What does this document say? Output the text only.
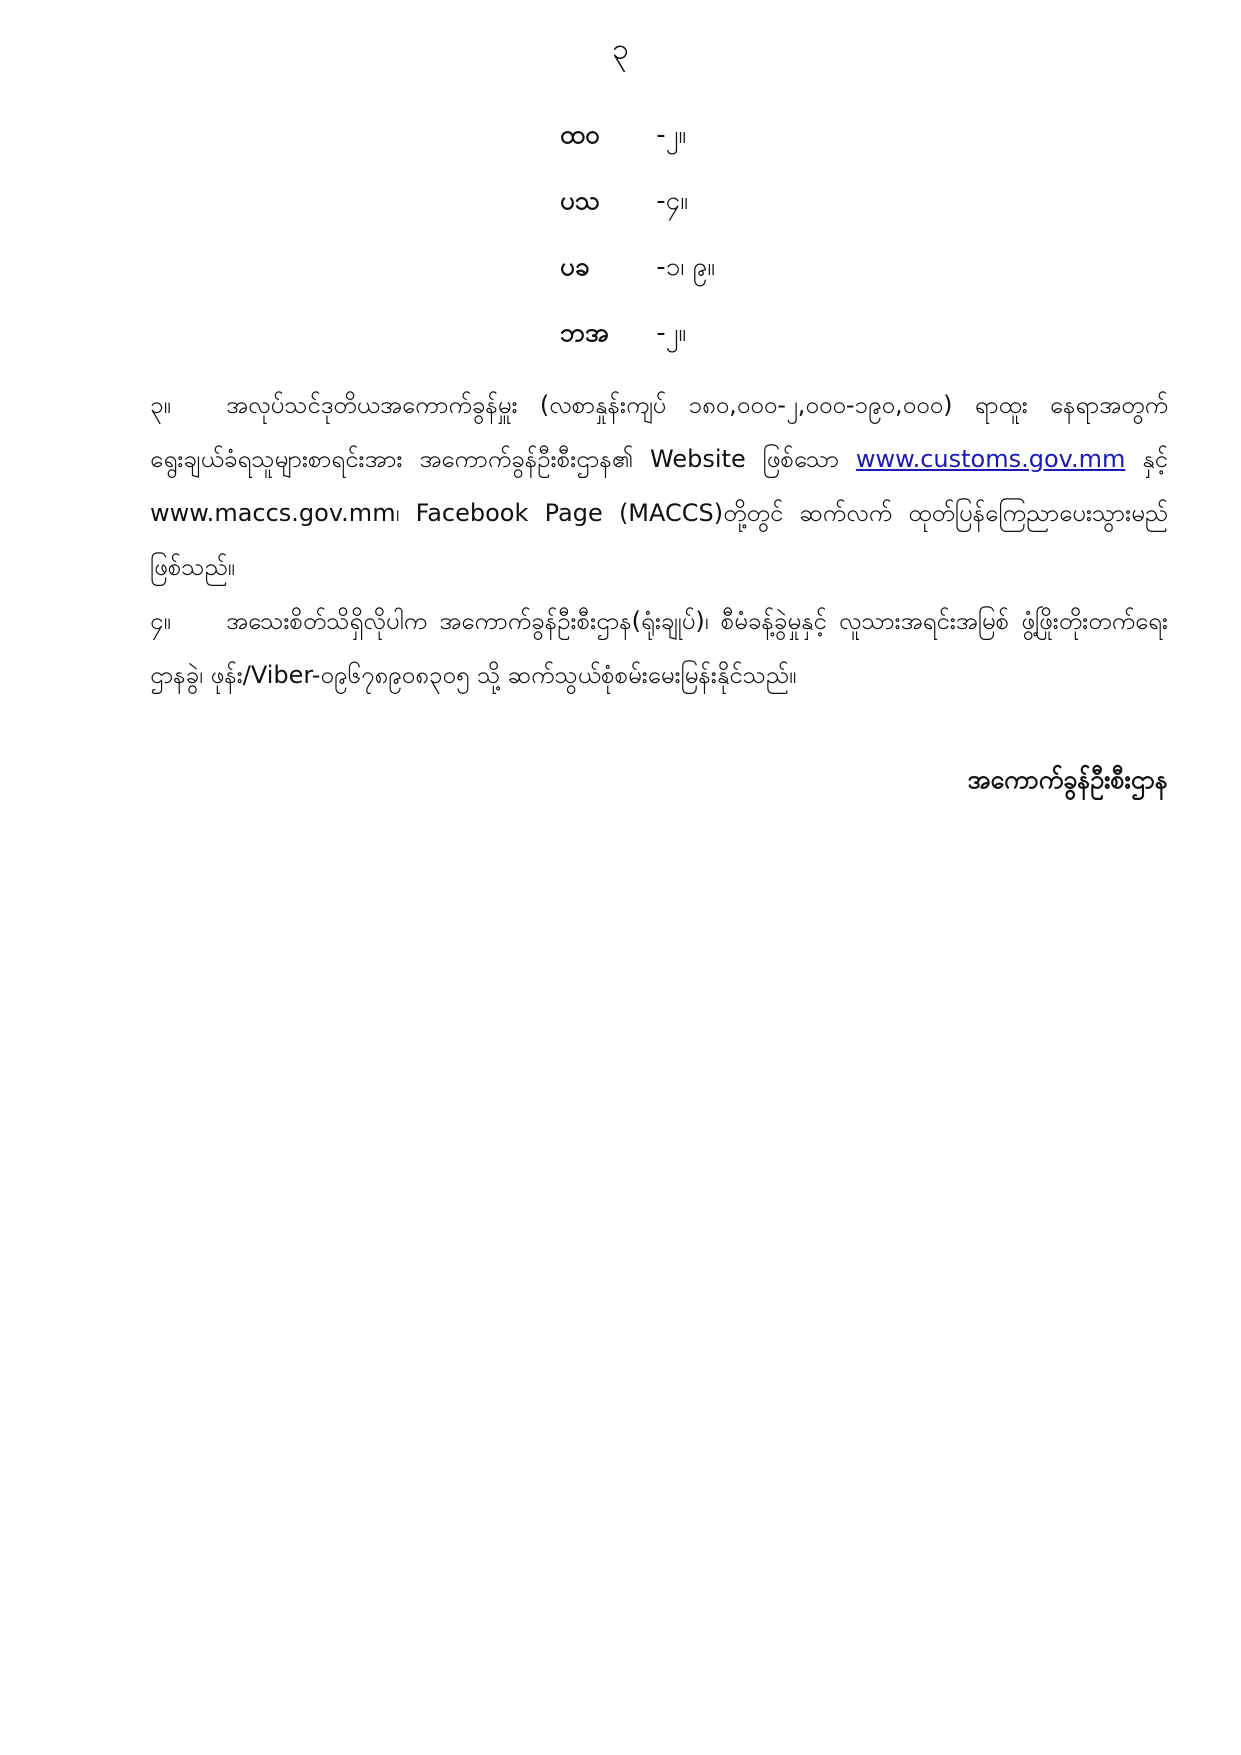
၃
ထဝ -၂။
ပသ -၄။
ပခ	-၁၊ ၉။
ဘအ -၂။

၃။ အလုပ်သင်ဒုတိယအကောက်ခွန်မှူး (လစာနှုန်းကျပ် ၁၈၀,၀၀၀-၂,၀၀၀-၁၉၀,၀၀၀) ရာထူး နေရာအတွက် ရွေးချယ်ခံရသူများစာရင်းအား အကောက်ခွန်ဦးစီးဌာန၏ Website ဖြစ်သော www.customs.gov.mm နှင့် www.maccs.gov.mm၊ Facebook Page (MACCS)တို့တွင် ဆက်လက် ထုတ်ပြန်ကြေညာပေးသွားမည် ဖြစ်သည်။

၄။ အသေးစိတ်သိရှိလိုပါက အကောက်ခွန်ဦးစီးဌာန(ရုံးချုပ်)၊ စီမံခန့်ခွဲမှုနှင့် လူသားအရင်းအမြစ် ဖွံ့ဖြိုးတိုးတက်ရေးဌာနခွဲ၊ ဖုန်း/Viber-၀၉၆၇၈၉၀၈၃၀၅ သို့ ဆက်သွယ်စုံစမ်းမေးမြန်းနိုင်သည်။

အကောက်ခွန်ဦးစီးဌာန
